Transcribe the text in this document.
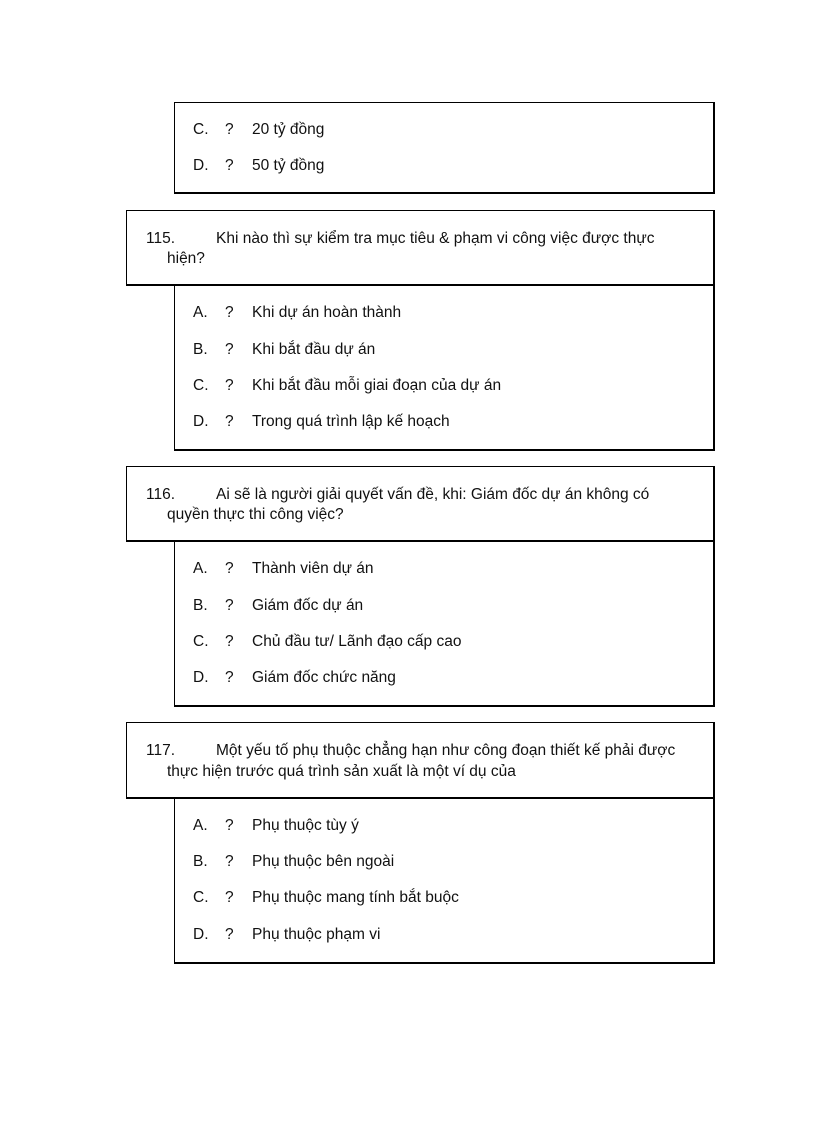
C. ? 20 tỷ đồng
D. ? 50 tỷ đồng
115.	Khi nào thì sự kiểm tra mục tiêu & phạm vi công việc được thực
hiện?
A. ? Khi dự án hoàn thành
B. ? Khi bắt đầu dự án
C. ? Khi bắt đầu mỗi giai đoạn của dự án
D. ? Trong quá trình lập kế hoạch
116.	Ai sẽ là người giải quyết vấn đề, khi: Giám đốc dự án không có
quyền thực thi công việc?
A. ? Thành viên dự án
B. ? Giám đốc dự án
C. ? Chủ đầu tư/ Lãnh đạo cấp cao
D. ? Giám đốc chức năng
117.	Một yếu tố phụ thuộc chẳng hạn như công đoạn thiết kế phải được
thực hiện trước quá trình sản xuất là một ví dụ của
A. ? Phụ thuộc tùy ý
B. ? Phụ thuộc bên ngoài
C. ? Phụ thuộc mang tính bắt buộc
D. ? Phụ thuộc phạm vi
